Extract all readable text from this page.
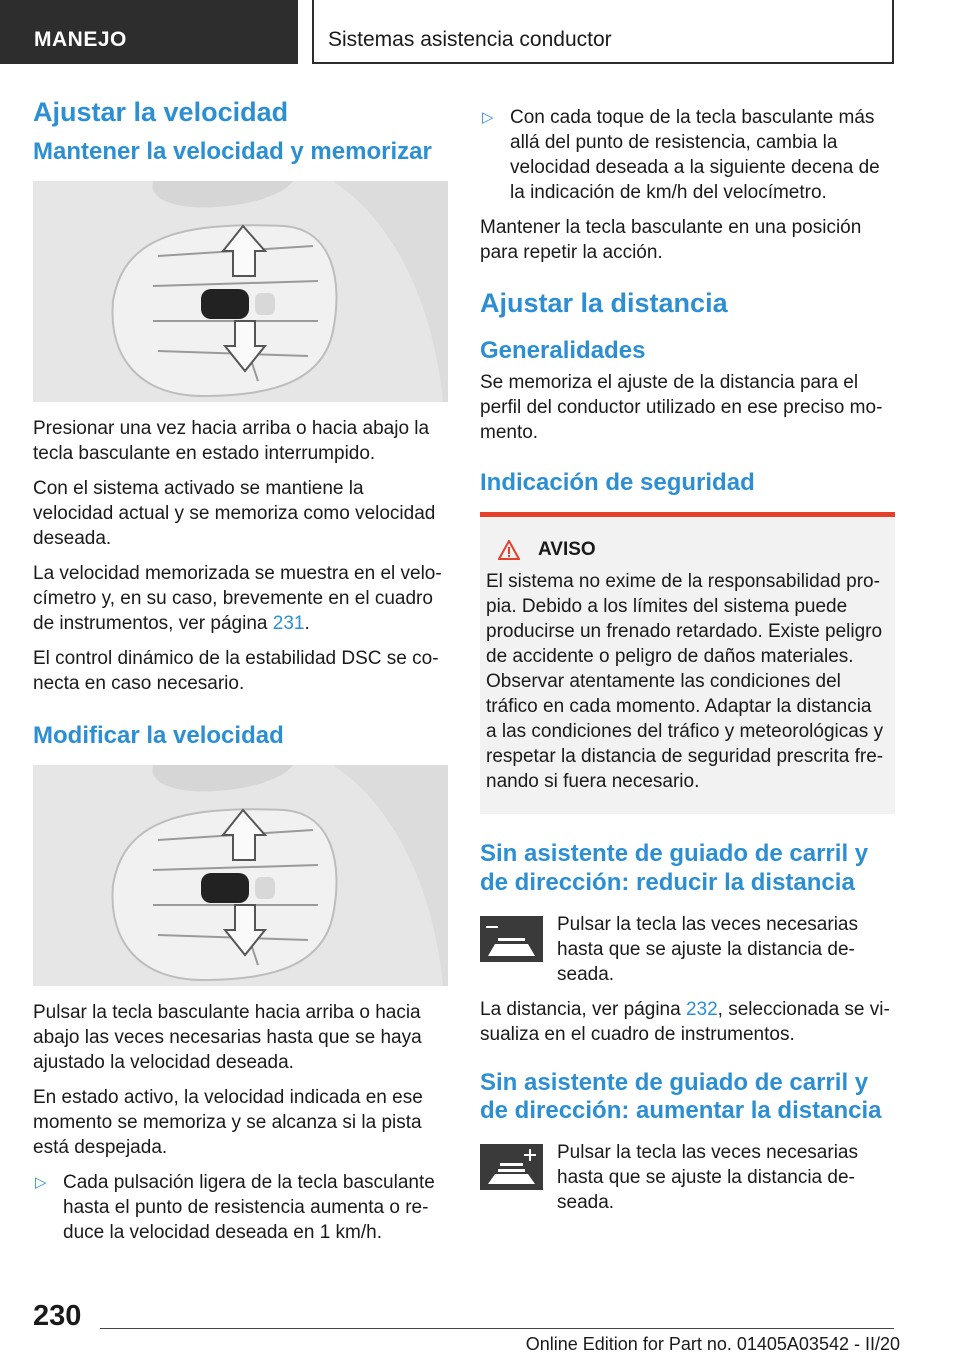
MANEJO	Sistemas asistencia conductor
Ajustar la velocidad
Mantener la velocidad y memorizar

Presionar una vez hacia arriba o hacia abajo la tecla basculante en estado interrumpido.

Con el sistema activado se mantiene la velocidad actual y se memoriza como velocidad deseada.

La velocidad memorizada se muestra en el velocímetro y, en su caso, brevemente en el cuadro de instrumentos, ver página 231.

El control dinámico de la estabilidad DSC se conecta en caso necesario.

Modificar la velocidad

Pulsar la tecla basculante hacia arriba o hacia abajo las veces necesarias hasta que se haya ajustado la velocidad deseada.

En estado activo, la velocidad indicada en ese momento se memoriza y se alcanza si la pista está despejada.

▷ Cada pulsación ligera de la tecla basculante hasta el punto de resistencia aumenta o reduce la velocidad deseada en 1 km/h.
▷ Con cada toque de la tecla basculante más allá del punto de resistencia, cambia la velocidad deseada a la siguiente decena de la indicación de km/h del velocímetro.

Mantener la tecla basculante en una posición para repetir la acción.

Ajustar la distancia
Generalidades

Se memoriza el ajuste de la distancia para el perfil del conductor utilizado en ese preciso momento.

Indicación de seguridad
AVISO

El sistema no exime de la responsabilidad propia. Debido a los límites del sistema puede producirse un frenado retardado. Existe peligro de accidente o peligro de daños materiales. Observar atentamente las condiciones del tráfico en cada momento. Adaptar la distancia a las condiciones del tráfico y meteorológicas y respetar la distancia de seguridad prescrita frenando si fuera necesario.

Sin asistente de guiado de carril y de dirección: reducir la distancia

Pulsar la tecla las veces necesarias hasta que se ajuste la distancia deseada.

La distancia, ver página 232, seleccionada se visualiza en el cuadro de instrumentos.

Sin asistente de guiado de carril y de dirección: aumentar la distancia

Pulsar la tecla las veces necesarias hasta que se ajuste la distancia deseada.

230
Online Edition for Part no. 01405A03542 - II/20
